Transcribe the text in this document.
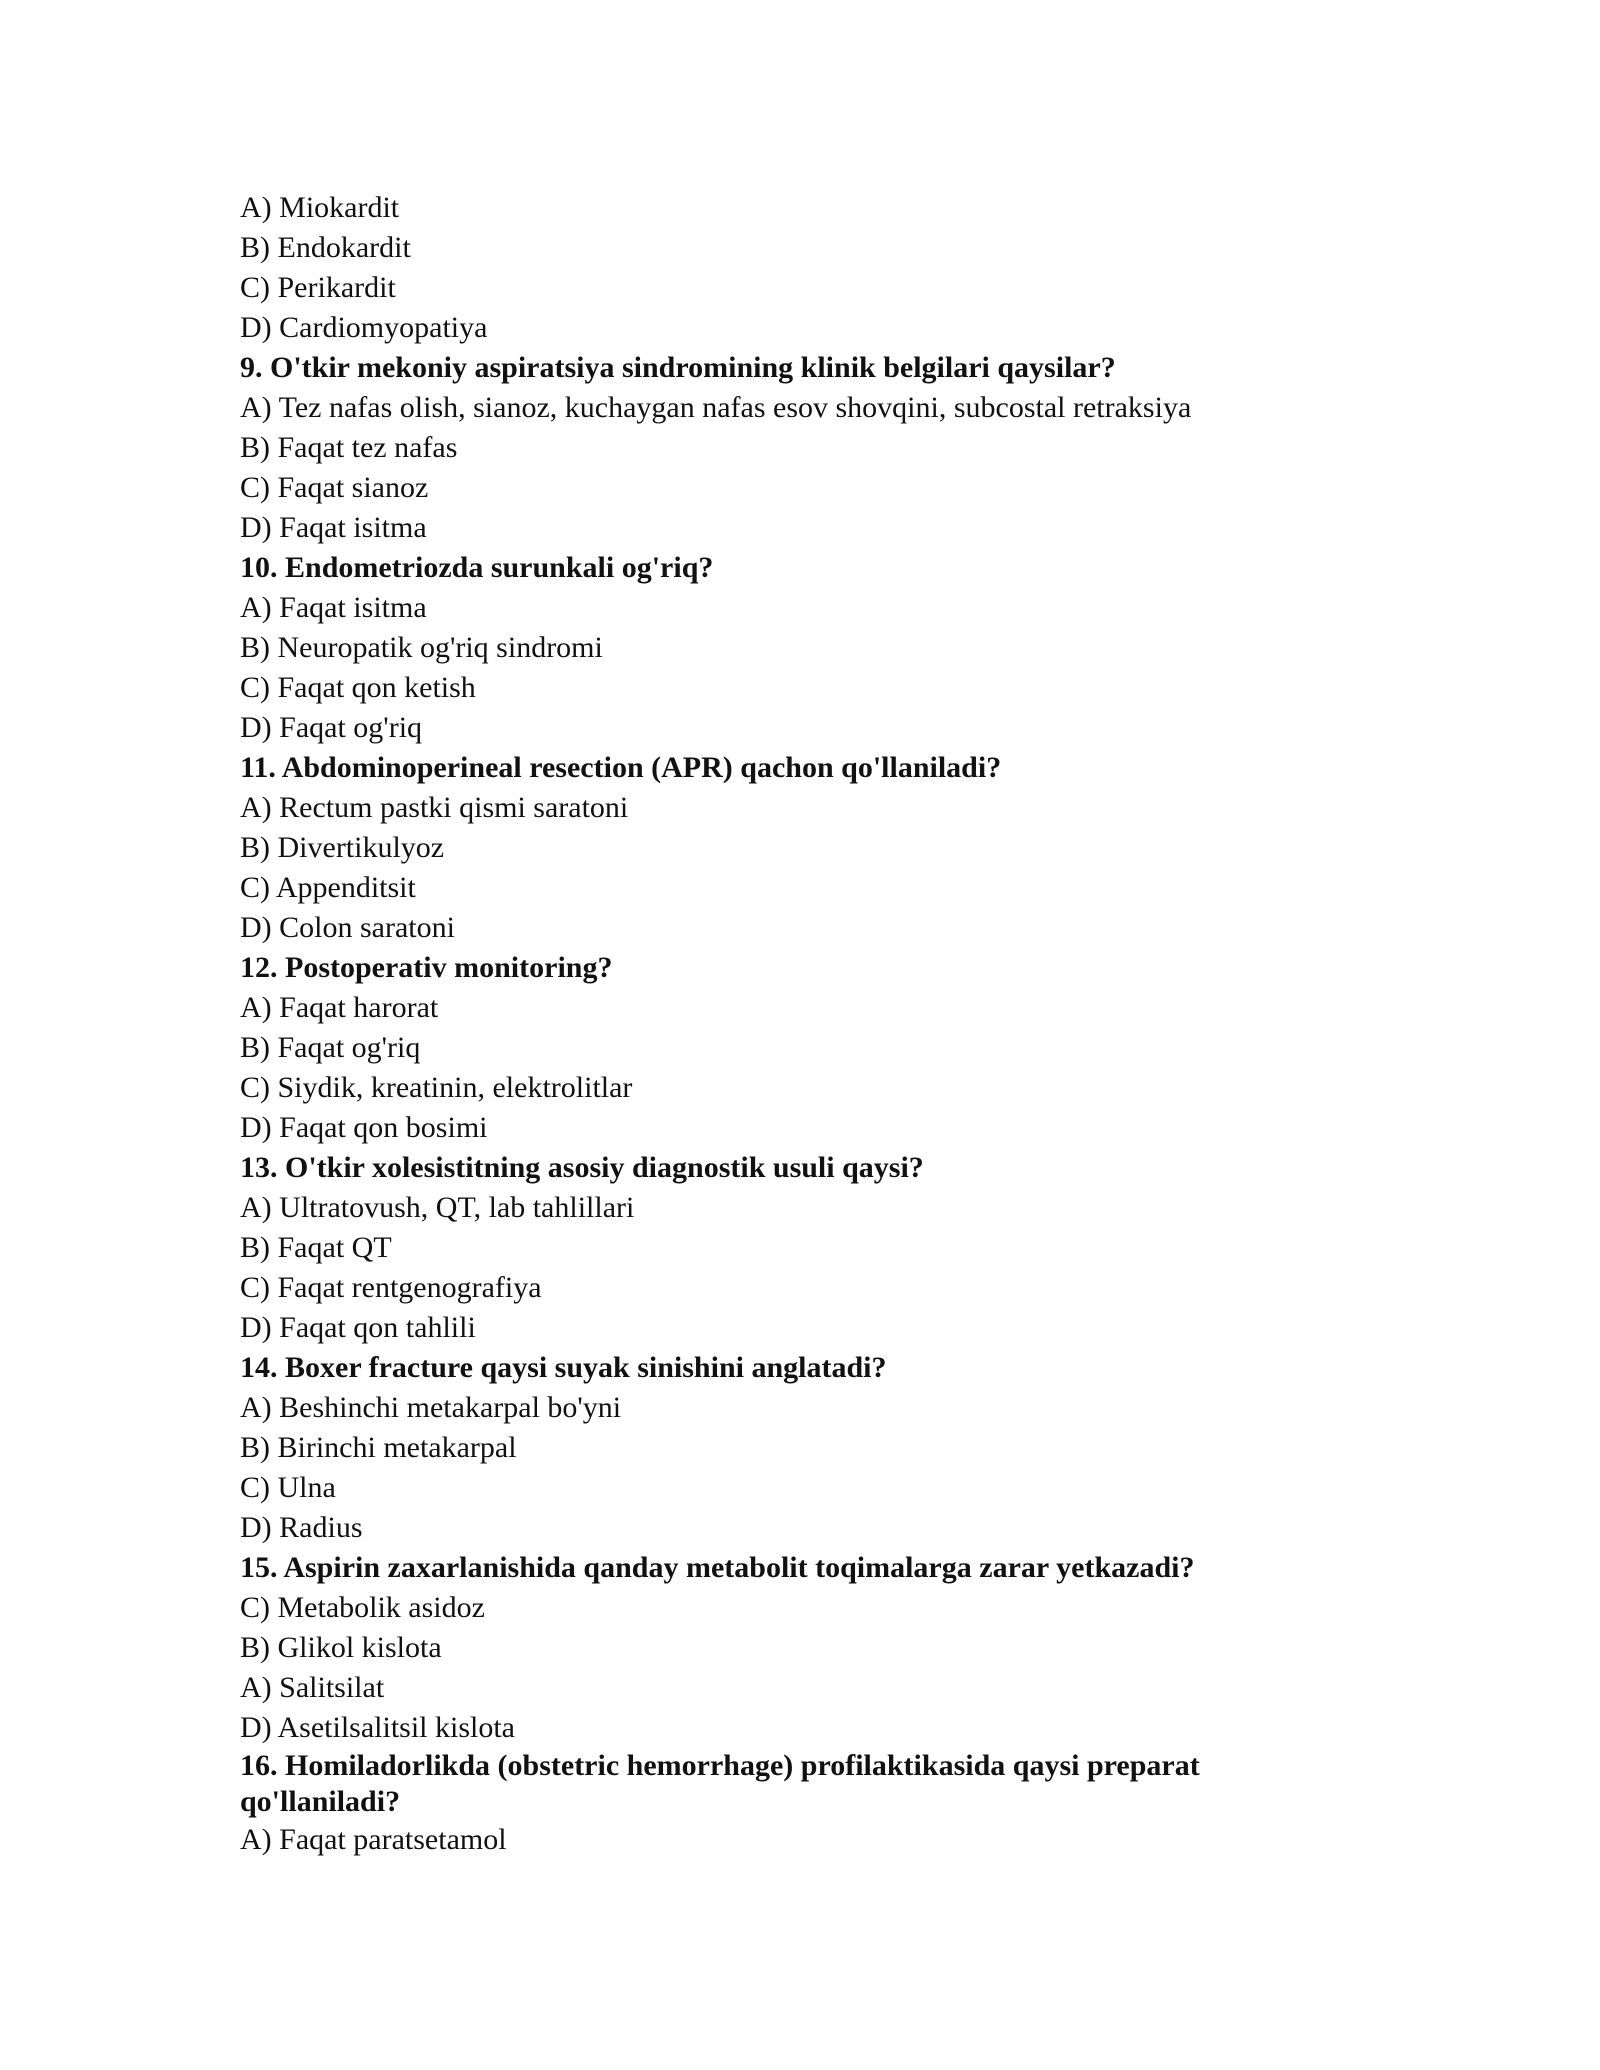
A) Miokardit
B) Endokardit
C) Perikardit
D) Cardiomyopatiya
9. O'tkir mekoniy aspiratsiya sindromining klinik belgilari qaysilar?
A) Tez nafas olish, sianoz, kuchaygan nafas esov shovqini, subcostal retraksiya
B) Faqat tez nafas
C) Faqat sianoz
D) Faqat isitma
10. Endometriozda surunkali og'riq?
A) Faqat isitma
B) Neuropatik og'riq sindromi
C) Faqat qon ketish
D) Faqat og'riq
11. Abdominoperineal resection (APR) qachon qo'llaniladi?
A) Rectum pastki qismi saratoni
B) Divertikulyoz
C) Appenditsit
D) Colon saratoni
12. Postoperativ monitoring?
A) Faqat harorat
B) Faqat og'riq
C) Siydik, kreatinin, elektrolitlar
D) Faqat qon bosimi
13. O'tkir xolesistitning asosiy diagnostik usuli qaysi?
A) Ultratovush, QT, lab tahlillari
B) Faqat QT
C) Faqat rentgenografiya
D) Faqat qon tahlili
14. Boxer fracture qaysi suyak sinishini anglatadi?
A) Beshinchi metakarpal bo'yni
B) Birinchi metakarpal
C) Ulna
D) Radius
15. Aspirin zaxarlanishida qanday metabolit toqimalarga zarar yetkazadi?
C) Metabolik asidoz
B) Glikol kislota
A) Salitsilat
D) Asetilsalitsil kislota
16. Homiladorlikda (obstetric hemorrhage) profilaktikasida qaysi preparat qo'llaniladi?
A) Faqat paratsetamol
